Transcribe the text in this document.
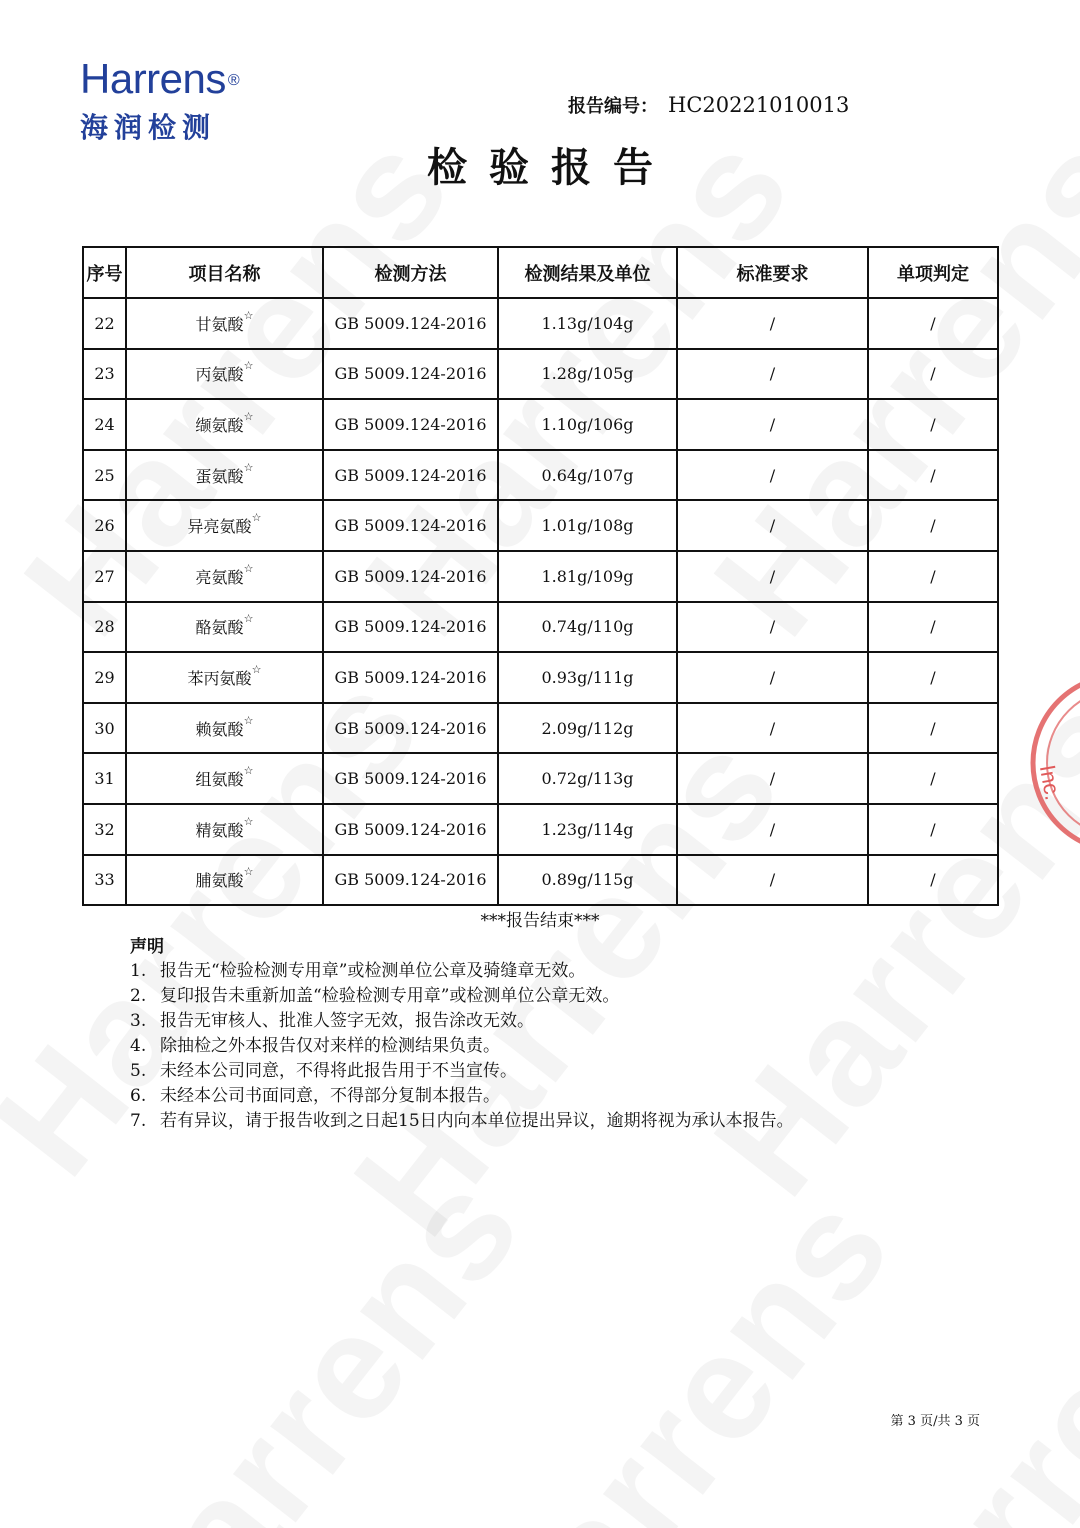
Inc.
Harrens ®
海润检测
报告编号： HC20221010013
检验报告
序号	项目名称	检测方法	检测结果及单位	标准要求	单项判定
22	甘氨酸☆	GB 5009.124-2016	1.13g/104g	/	/
23	丙氨酸☆	GB 5009.124-2016	1.28g/105g	/	/
24	缬氨酸☆	GB 5009.124-2016	1.10g/106g	/	/
25	蛋氨酸☆	GB 5009.124-2016	0.64g/107g	/	/
26	异亮氨酸☆	GB 5009.124-2016	1.01g/108g	/	/
27	亮氨酸☆	GB 5009.124-2016	1.81g/109g	/	/
28	酪氨酸☆	GB 5009.124-2016	0.74g/110g	/	/
29	苯丙氨酸☆	GB 5009.124-2016	0.93g/111g	/	/
30	赖氨酸☆	GB 5009.124-2016	2.09g/112g	/	/
31	组氨酸☆	GB 5009.124-2016	0.72g/113g	/	/
32	精氨酸☆	GB 5009.124-2016	1.23g/114g	/	/
33	脯氨酸☆	GB 5009.124-2016	0.89g/115g	/	/
***报告结束***
声明
1. 报告无“检验检测专用章”或检测单位公章及骑缝章无效。
2. 复印报告未重新加盖“检验检测专用章”或检测单位公章无效。
3. 报告无审核人、批准人签字无效，报告涂改无效。
4. 除抽检之外本报告仅对来样的检测结果负责。
5. 未经本公司同意，不得将此报告用于不当宣传。
6. 未经本公司书面同意，不得部分复制本报告。
7. 若有异议，请于报告收到之日起15日内向本单位提出异议，逾期将视为承认本报告。
第 3 页/共 3 页
